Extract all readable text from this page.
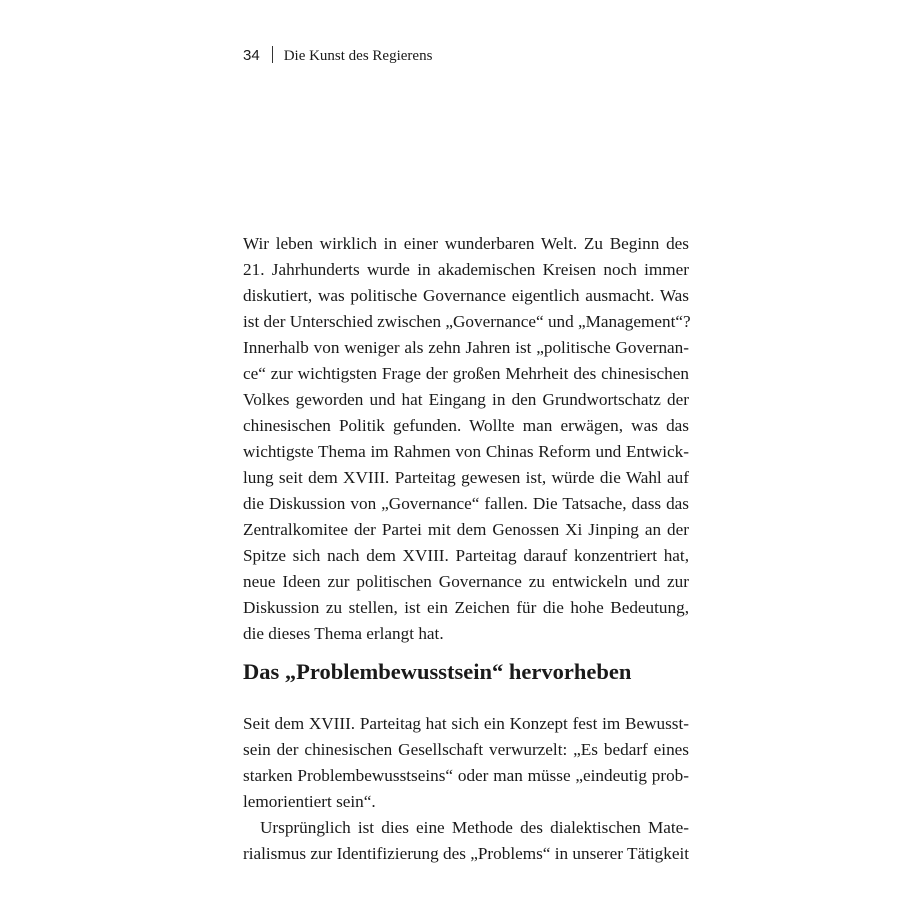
34 Die Kunst des Regierens
Wir leben wirklich in einer wunderbaren Welt. Zu Beginn des
21. Jahrhunderts wurde in akademischen Kreisen noch immer
diskutiert, was politische Governance eigentlich ausmacht. Was
ist der Unterschied zwischen „Governance“ und „Management“?
Innerhalb von weniger als zehn Jahren ist „politische Governan-
ce“ zur wichtigsten Frage der großen Mehrheit des chinesischen
Volkes geworden und hat Eingang in den Grundwortschatz der
chinesischen Politik gefunden. Wollte man erwägen, was das
wichtigste Thema im Rahmen von Chinas Reform und Entwick-
lung seit dem XVIII. Parteitag gewesen ist, würde die Wahl auf
die Diskussion von „Governance“ fallen. Die Tatsache, dass das
Zentralkomitee der Partei mit dem Genossen Xi Jinping an der
Spitze sich nach dem XVIII. Parteitag darauf konzentriert hat,
neue Ideen zur politischen Governance zu entwickeln und zur
Diskussion zu stellen, ist ein Zeichen für die hohe Bedeutung,
die dieses Thema erlangt hat.
Das „Problembewusstsein“ hervorheben
Seit dem XVIII. Parteitag hat sich ein Konzept fest im Bewusst-
sein der chinesischen Gesellschaft verwurzelt: „Es bedarf eines
starken Problembewusstseins“ oder man müsse „eindeutig prob-
lemorientiert sein“.
Ursprünglich ist dies eine Methode des dialektischen Mate-
rialismus zur Identifizierung des „Problems“ in unserer Tätigkeit
